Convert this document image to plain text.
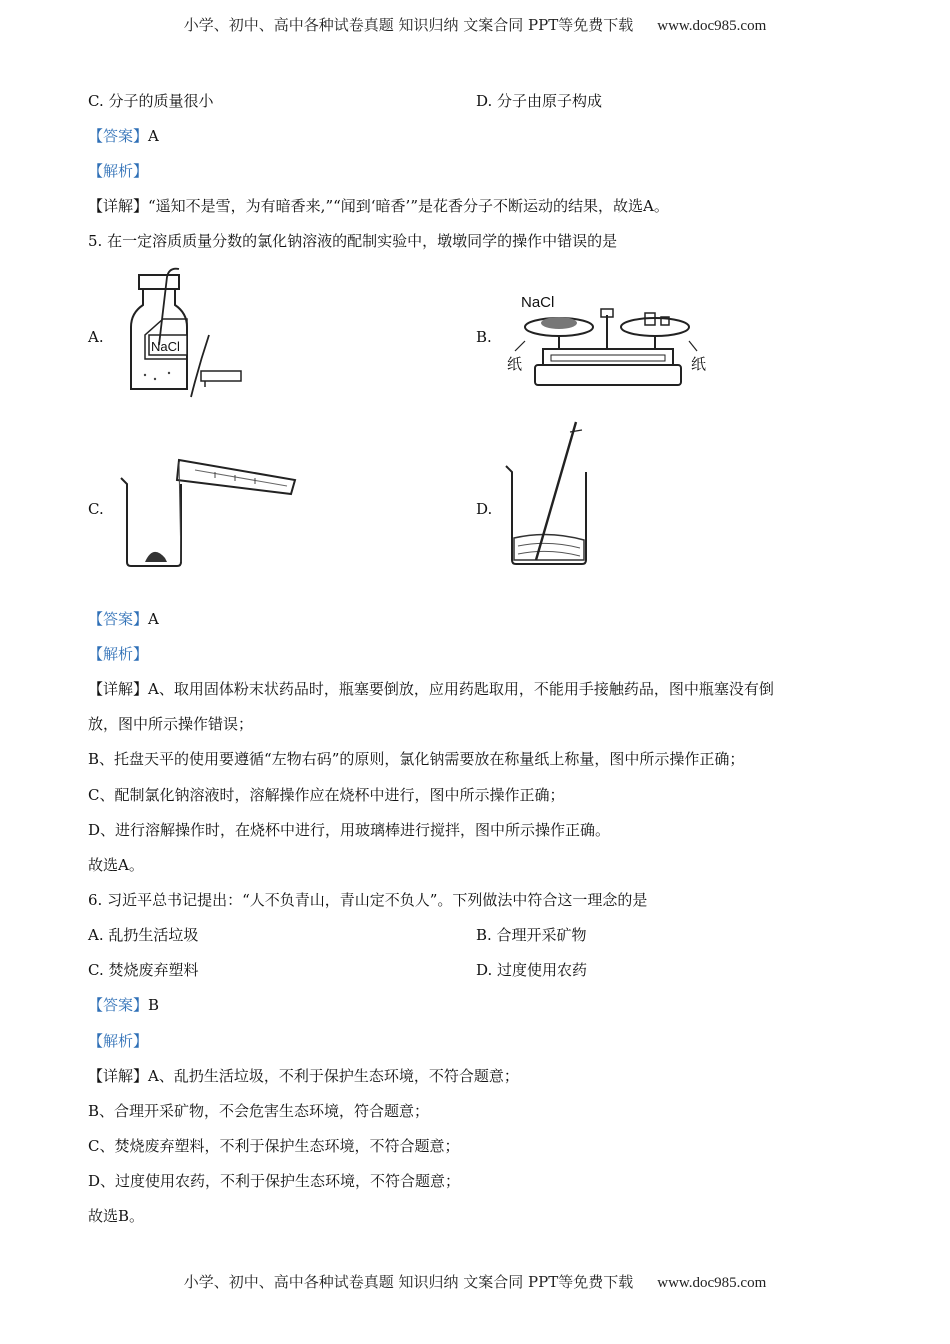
小学、初中、高中各种试卷真题 知识归纳 文案合同 PPT等免费下载 www.doc985.com
C. 分子的质量很小	D. 分子由原子构成
【答案】A
【解析】
【详解】“遥知不是雪，为有暗香来,”“闻到‘暗香’”是花香分子不断运动的结果，故选A。
5. 在一定溶质质量分数的氯化钠溶液的配制实验中，墩墩同学的操作中错误的是
A.
NaCl
B.
NaCl
纸	纸
C.	D.
【答案】A
【解析】
【详解】A、取用固体粉末状药品时，瓶塞要倒放，应用药匙取用，不能用手接触药品，图中瓶塞没有倒
放，图中所示操作错误；
B、托盘天平的使用要遵循“左物右码”的原则，氯化钠需要放在称量纸上称量，图中所示操作正确；
C、配制氯化钠溶液时，溶解操作应在烧杯中进行，图中所示操作正确；
D、进行溶解操作时，在烧杯中进行，用玻璃棒进行搅拌，图中所示操作正确。
故选A。
6. 习近平总书记提出：“人不负青山，青山定不负人”。下列做法中符合这一理念的是
A. 乱扔生活垃圾	B. 合理开采矿物
C. 焚烧废弃塑料	D. 过度使用农药
【答案】B
【解析】
【详解】A、乱扔生活垃圾，不利于保护生态环境，不符合题意；
B、合理开采矿物，不会危害生态环境，符合题意；
C、焚烧废弃塑料，不利于保护生态环境，不符合题意；
D、过度使用农药，不利于保护生态环境，不符合题意；
故选B。
小学、初中、高中各种试卷真题 知识归纳 文案合同 PPT等免费下载 www.doc985.com
